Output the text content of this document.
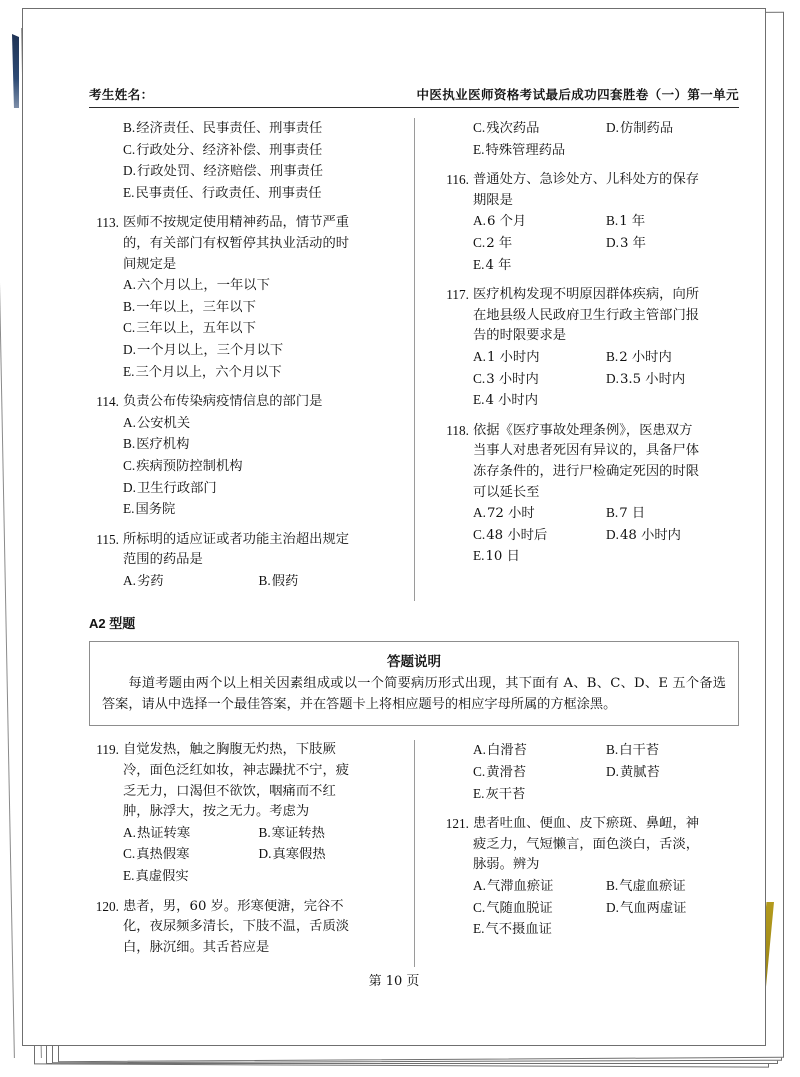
考生姓名：	中医执业医师资格考试最后成功四套胜卷（一）第一单元
B.经济责任、民事责任、刑事责任
C.行政处分、经济补偿、刑事责任
D.行政处罚、经济赔偿、刑事责任
E.民事责任、行政责任、刑事责任
113. 医师不按规定使用精神药品，情节严重
的，有关部门有权暂停其执业活动的时
间规定是
A.六个月以上，一年以下
B.一年以上，三年以下
C.三年以上，五年以下
D.一个月以上，三个月以下
E.三个月以上，六个月以下
114. 负责公布传染病疫情信息的部门是
A.公安机关
B.医疗机构
C.疾病预防控制机构
D.卫生行政部门
E.国务院
115. 所标明的适应证或者功能主治超出规定
范围的药品是
A.劣药	B.假药
C.残次药品	D.仿制药品
E.特殊管理药品
116. 普通处方、急诊处方、儿科处方的保存
期限是
A.6 个月	B.1 年
C.2 年	D.3 年
E.4 年
117. 医疗机构发现不明原因群体疾病，向所
在地县级人民政府卫生行政主管部门报
告的时限要求是
A.1 小时内	B.2 小时内
C.3 小时内	D.3.5 小时内
E.4 小时内
118. 依据《医疗事故处理条例》，医患双方
当事人对患者死因有异议的，具备尸体
冻存条件的，进行尸检确定死因的时限
可以延长至
A.72 小时	B.7 日
C.48 小时后	D.48 小时内
E.10 日
A2 型题
答题说明
每道考题由两个以上相关因素组成或以一个简要病历形式出现，其下面有 A、B、C、D、E 五个备选答案，请从中选择一个最佳答案，并在答题卡上将相应题号的相应字母所属的方框涂黑。
119. 自觉发热，触之胸腹无灼热，下肢厥
冷，面色泛红如妆，神志躁扰不宁，疲
乏无力，口渴但不欲饮，咽痛而不红
肿，脉浮大，按之无力。考虑为
A.热证转寒	B.寒证转热
C.真热假寒	D.真寒假热
E.真虚假实
120. 患者，男，60 岁。形寒便溏，完谷不
化，夜尿频多清长，下肢不温，舌质淡
白，脉沉细。其舌苔应是
A.白滑苔	B.白干苔
C.黄滑苔	D.黄腻苔
E.灰干苔
121. 患者吐血、便血、皮下瘀斑、鼻衄，神
疲乏力，气短懒言，面色淡白，舌淡，
脉弱。辨为
A.气滞血瘀证	B.气虚血瘀证
C.气随血脱证	D.气血两虚证
E.气不摄血证
第 10 页
